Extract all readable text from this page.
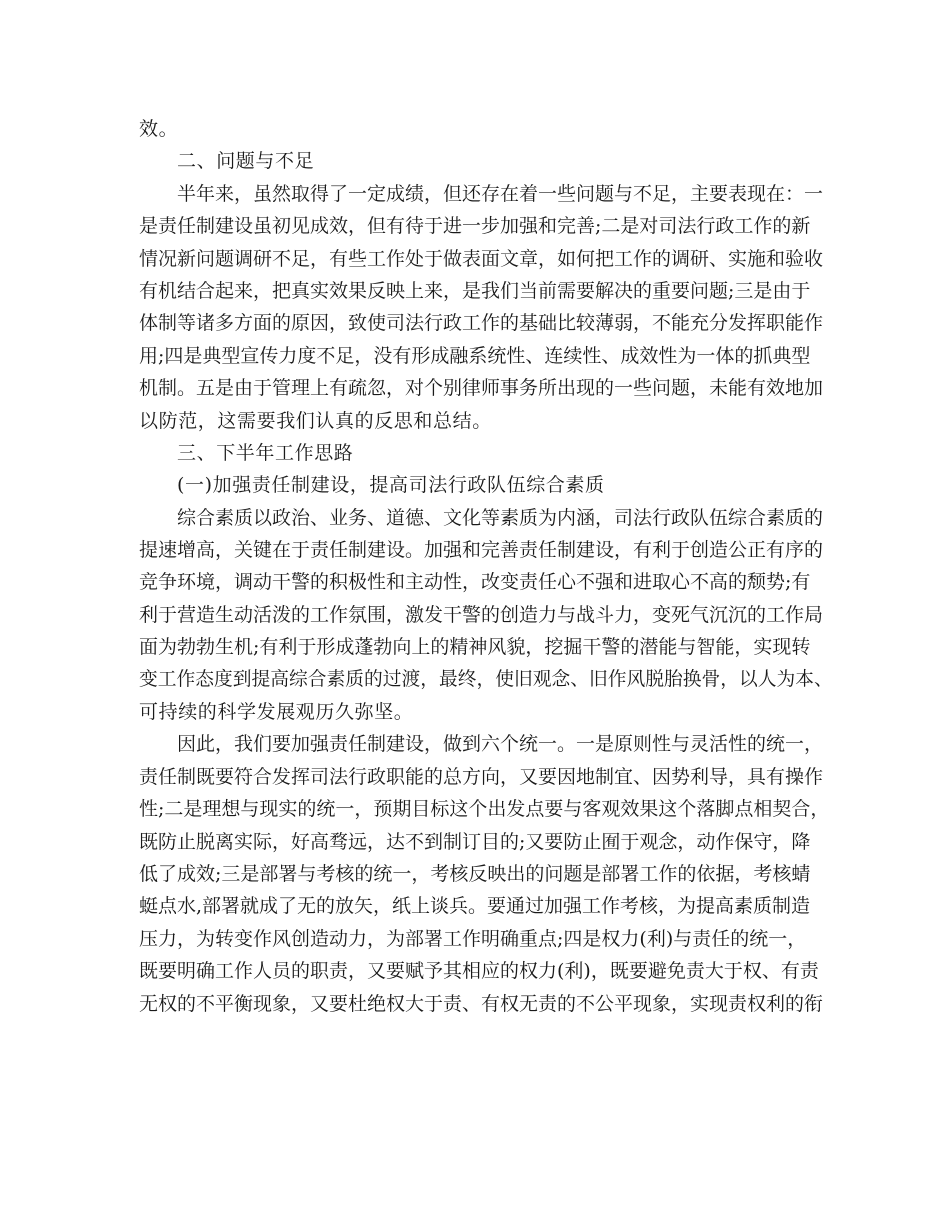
效。
二、问题与不足
半年来，虽然取得了一定成绩，但还存在着一些问题与不足，主要表现在：一
是责任制建设虽初见成效，但有待于进一步加强和完善;二是对司法行政工作的新
情况新问题调研不足，有些工作处于做表面文章，如何把工作的调研、实施和验收
有机结合起来，把真实效果反映上来，是我们当前需要解决的重要问题;三是由于
体制等诸多方面的原因，致使司法行政工作的基础比较薄弱，不能充分发挥职能作
用;四是典型宣传力度不足，没有形成融系统性、连续性、成效性为一体的抓典型
机制。五是由于管理上有疏忽，对个别律师事务所出现的一些问题，未能有效地加
以防范，这需要我们认真的反思和总结。
三、下半年工作思路
(一)加强责任制建设，提高司法行政队伍综合素质
综合素质以政治、业务、道德、文化等素质为内涵，司法行政队伍综合素质的
提速增高，关键在于责任制建设。加强和完善责任制建设，有利于创造公正有序的
竞争环境，调动干警的积极性和主动性，改变责任心不强和进取心不高的颓势;有
利于营造生动活泼的工作氛围，激发干警的创造力与战斗力，变死气沉沉的工作局
面为勃勃生机;有利于形成蓬勃向上的精神风貌，挖掘干警的潜能与智能，实现转
变工作态度到提高综合素质的过渡，最终，使旧观念、旧作风脱胎换骨，以人为本、
可持续的科学发展观历久弥坚。
因此，我们要加强责任制建设，做到六个统一。一是原则性与灵活性的统一，
责任制既要符合发挥司法行政职能的总方向，又要因地制宜、因势利导，具有操作
性;二是理想与现实的统一，预期目标这个出发点要与客观效果这个落脚点相契合，
既防止脱离实际，好高骛远，达不到制订目的;又要防止囿于观念，动作保守，降
低了成效;三是部署与考核的统一，考核反映出的问题是部署工作的依据，考核蜻
蜓点水,部署就成了无的放矢，纸上谈兵。要通过加强工作考核，为提高素质制造
压力，为转变作风创造动力，为部署工作明确重点;四是权力(利)与责任的统一，
既要明确工作人员的职责，又要赋予其相应的权力(利)，既要避免责大于权、有责
无权的不平衡现象，又要杜绝权大于责、有权无责的不公平现象，实现责权利的衔
